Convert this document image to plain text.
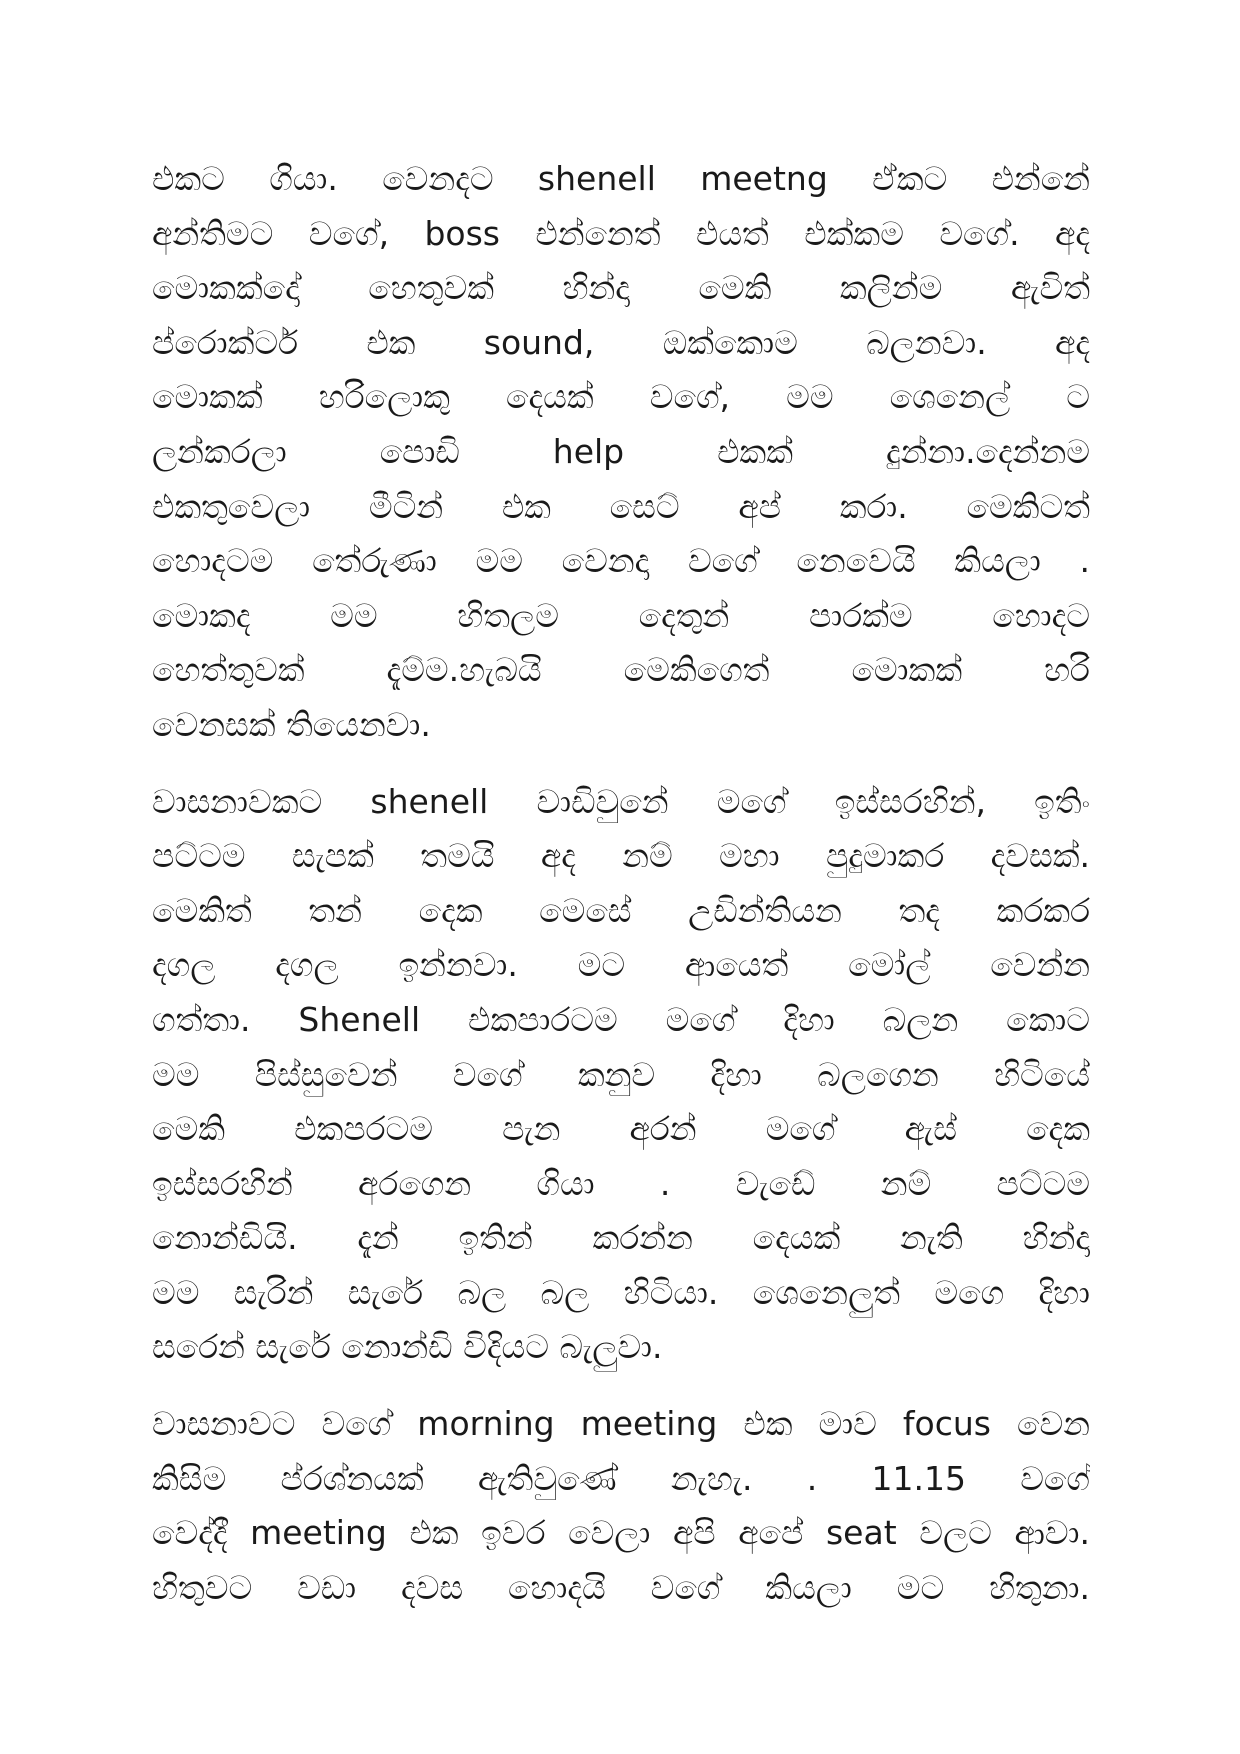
එකට ගියා. වෙනදට shenell meetng ඒකට එන්නේ
අන්තිමට වගේ, boss එන්නෙත් එයත් එක්කම වගේ. අද
මොකක්දෝ හෙතුවක් හින්දා මෙකි කලින්ම ඇවිත්
ප්රොක්ටර් එක sound, ඔක්කොම බලනවා. අද
මොකක් හරිලොකු දෙයක් වගේ, මම ශෙනෙල් ට
ලන්කරලා පොඩි help එකක් දුන්නා.දෙන්නම
එකතුවෙලා මීටින් එක සෙට් අප් කරා. මෙකිටත්
හොදටම තේරුණා මම වෙනදා වගේ නෙවෙයි කියලා .
මොකද මම හිතලම දෙතුන් පාරක්ම හොදට
හෙත්තුවක් දැම්ම.හැබයි මෙකිගෙත් මොකක් හරි
වෙනසක් තියෙනවා.

වාසනාවකට shenell වාඩිවුනේ මගේ ඉස්සරහින්, ඉතිං
පට්ටම සැපක් තමයි අද නම් මහා පුදුමාකර දවසක්.
මෙකිත් තන් දෙක මෙසේ උඩින්තියන තද කරකර
දගල දගල ඉන්නවා. මට ආයෙත් මෝල් වෙන්න
ගත්තා. Shenell එකපාරටම මගේ දිහා බලන කොට
මම පිස්සුවෙන් වගේ කනුව දිහා බලගෙන හිටියේ
මෙකි එකපරටම පැන අරන් මගේ ඇස් දෙක
ඉස්සරහින් අරගෙන ගියා . වැඩේ නම් පට්ටම
නොන්ඩියි. දැන් ඉතින් කරන්න දෙයක් නැති හින්දා
මම සැරින් සැරේ බල බල හිටියා. ශෙනෙලුත් මගෙ දිහා
සරෙන් සැරේ නොන්ඩි විදියට බැලුවා.

වාසනාවට වගේ morning meeting එක මාව focus වෙන
කිසිම ප්රශ්නයක් ඇතිවුණේ නැහැ. . 11.15 වගේ
වෙද්දී meeting එක ඉවර වෙලා අපි අපේ seat වලට ආවා.
හිතුවට වඩා දවස හොදයි වගේ කියලා මට හිතුනා.
